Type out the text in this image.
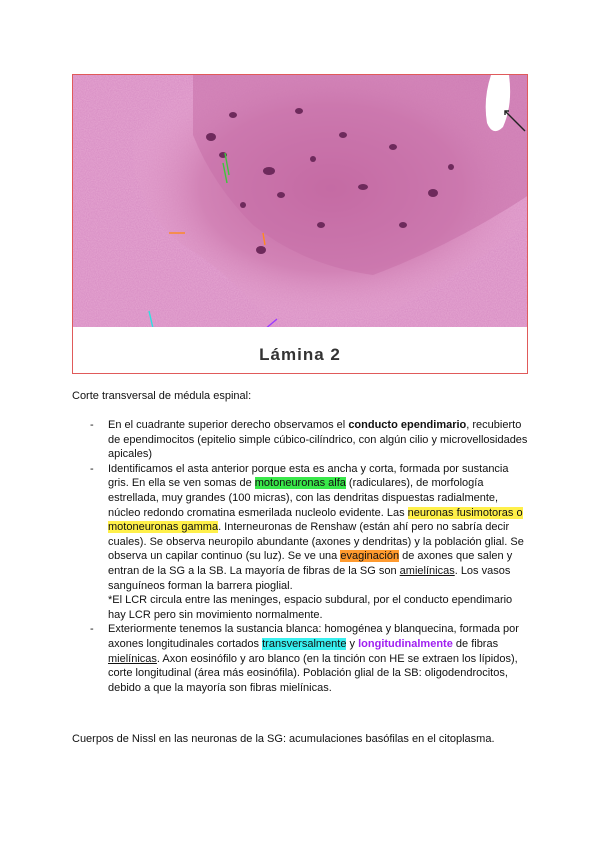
Lámina 2
Corte transversal de médula espinal:
- En el cuadrante superior derecho observamos el conducto ependimario, recubierto de ependimocitos (epitelio simple cúbico-cilíndrico, con algún cilio y microvellosidades apicales)
- Identificamos el asta anterior porque esta es ancha y corta, formada por sustancia gris. En ella se ven somas de motoneuronas alfa (radiculares), de morfología estrellada, muy grandes (100 micras), con las dendritas dispuestas radialmente, núcleo redondo cromatina esmerilada nucleolo evidente. Las neuronas fusimotoras o motoneuronas gamma. Interneuronas de Renshaw (están ahí pero no sabría decir cuales). Se observa neuropilo abundante (axones y dendritas) y la población glial. Se observa un capilar continuo (su luz). Se ve una evaginación de axones que salen y entran de la SG a la SB. La mayoría de fibras de la SG son amielínicas. Los vasos sanguíneos forman la barrera pioglial.
*El LCR circula entre las meninges, espacio subdural, por el conducto ependimario hay LCR pero sin movimiento normalmente.
- Exteriormente tenemos la sustancia blanca: homogénea y blanquecina, formada por axones longitudinales cortados transversalmente y longitudinalmente de fibras mielínicas. Axon eosinófilo y aro blanco (en la tinción con HE se extraen los lípidos), corte longitudinal (área más eosinófila). Población glial de la SB: oligodendrocitos, debido a que la mayoría son fibras mielínicas.
Cuerpos de Nissl en las neuronas de la SG: acumulaciones basófilas en el citoplasma.
